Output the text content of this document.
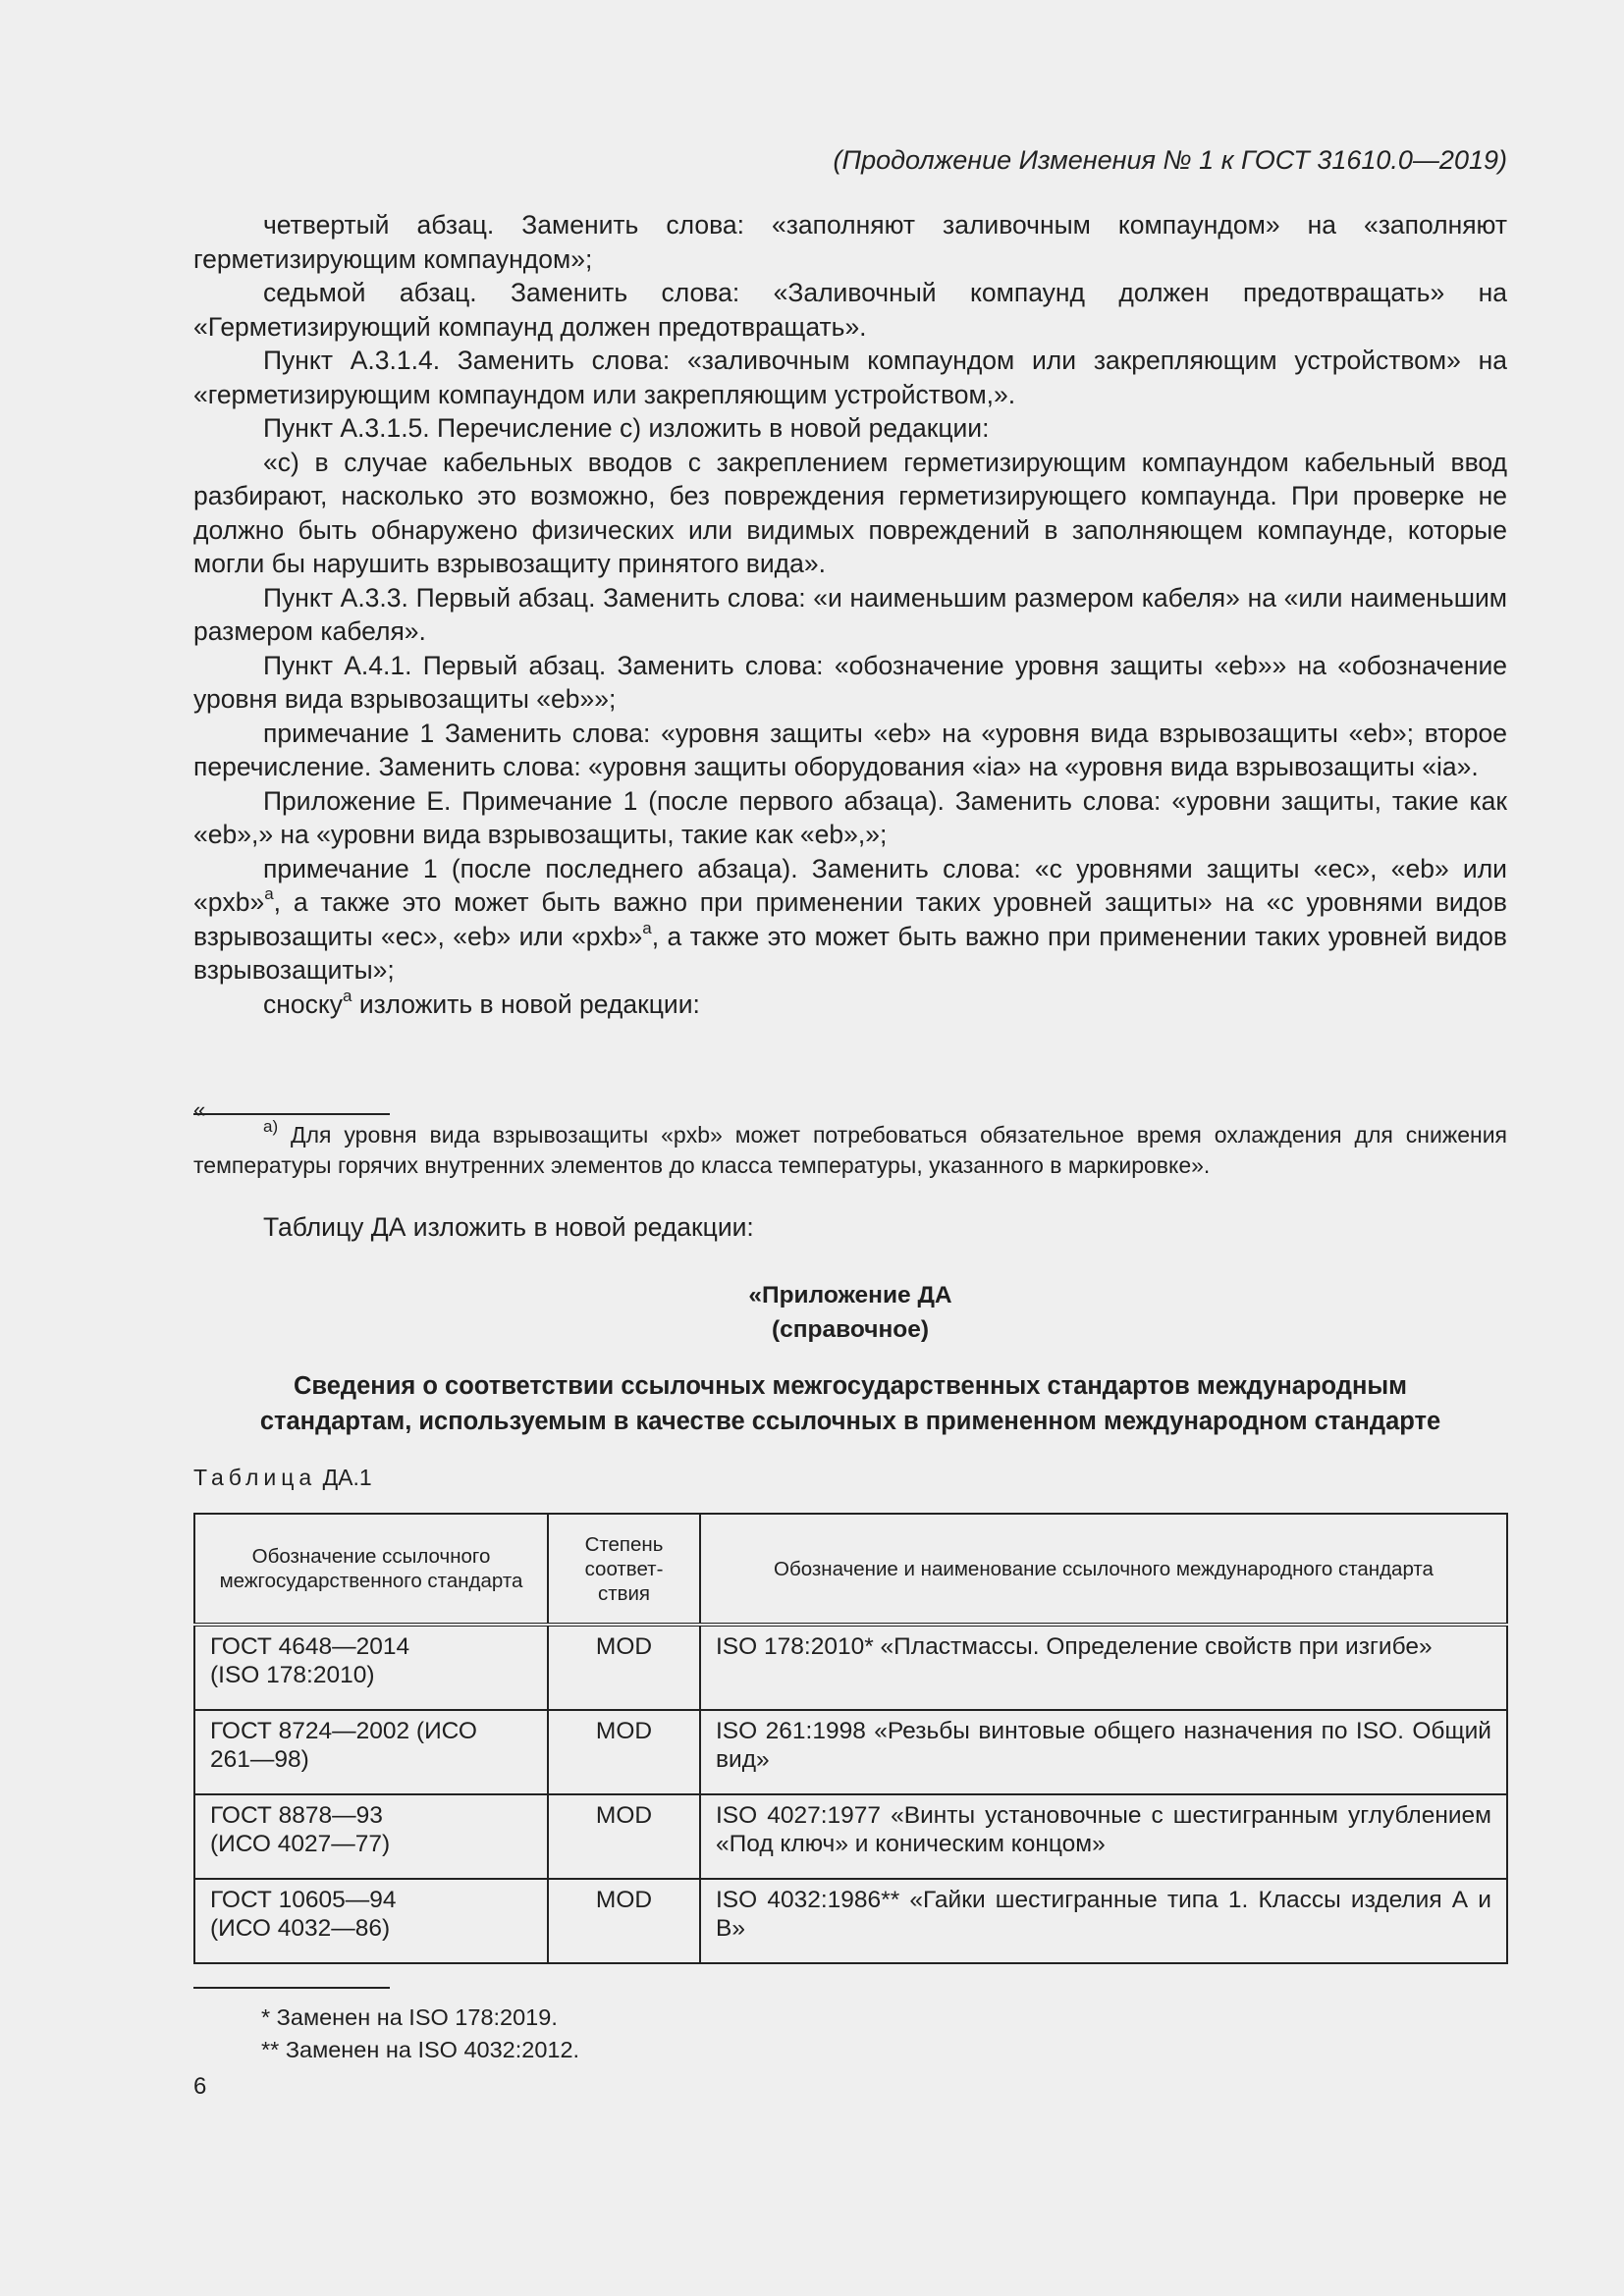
(Продолжение Изменения № 1 к ГОСТ 31610.0—2019)

четвертый абзац. Заменить слова: «заполняют заливочным компаундом» на «заполняют герметизирующим компаундом»;

седьмой абзац. Заменить слова: «Заливочный компаунд должен предотвращать» на «Герметизирующий компаунд должен предотвращать».

Пункт А.3.1.4. Заменить слова: «заливочным компаундом или закрепляющим устройством» на «герметизирующим компаундом или закрепляющим устройством,».

Пункт А.3.1.5. Перечисление с) изложить в новой редакции:

«с) в случае кабельных вводов с закреплением герметизирующим компаундом кабельный ввод разбирают, насколько это возможно, без повреждения герметизирующего компаунда. При проверке не должно быть обнаружено физических или видимых повреждений в заполняющем компаунде, которые могли бы нарушить взрывозащиту принятого вида».

Пункт А.3.3. Первый абзац. Заменить слова: «и наименьшим размером кабеля» на «или наименьшим размером кабеля».

Пункт А.4.1. Первый абзац. Заменить слова: «обозначение уровня защиты «eb»» на «обозначение уровня вида взрывозащиты «eb»»;

примечание 1 Заменить слова: «уровня защиты «eb» на «уровня вида взрывозащиты «eb»; второе перечисление. Заменить слова: «уровня защиты оборудования «ia» на «уровня вида взрывозащиты «ia».

Приложение Е. Примечание 1 (после первого абзаца). Заменить слова: «уровни защиты, такие как «eb»,» на «уровни вида взрывозащиты, такие как «eb»,»;

примечание 1 (после последнего абзаца). Заменить слова: «с уровнями защиты «ec», «eb» или «pxb»$^а$, а также это может быть важно при применении таких уровней защиты» на «с уровнями видов взрывозащиты «ec», «eb» или «pxb»$^а$, а также это может быть важно при применении таких уровней видов взрывозащиты»;

сноску$^а$ изложить в новой редакции:

«

$^{а)}$ Для уровня вида взрывозащиты «pxb» может потребоваться обязательное время охлаждения для снижения температуры горячих внутренних элементов до класса температуры, указанного в маркировке».

Таблицу ДА изложить в новой редакции:

«Приложение ДА
(справочное)
Сведения о соответствии ссылочных межгосударственных стандартов международным
стандартам, используемым в качестве ссылочных в примененном международном стандарте
Таблица ДА.1
Обозначение ссылочного межгосударственного стандарта	Степень
соответ-
ствия	Обозначение и наименование ссылочного международного стандарта

ГОСТ 4648—2014
(ISO 178:2010)	MOD	ISO 178:2010* «Пластмассы. Определение свойств при изгибе»

ГОСТ 8724—2002 (ИСО
261—98)	MOD	ISO 261:1998 «Резьбы винтовые общего назначения по ISO. Общий вид»

ГОСТ 8878—93
(ИСО 4027—77)	MOD	ISO 4027:1977 «Винты установочные с шестигранным углублением «Под ключ» и коническим концом»

ГОСТ 10605—94
(ИСО 4032—86)	MOD	ISO 4032:1986** «Гайки шестигранные типа 1. Классы изделия А и В»

* Заменен на ISO 178:2019.

** Заменен на ISO 4032:2012.

6
